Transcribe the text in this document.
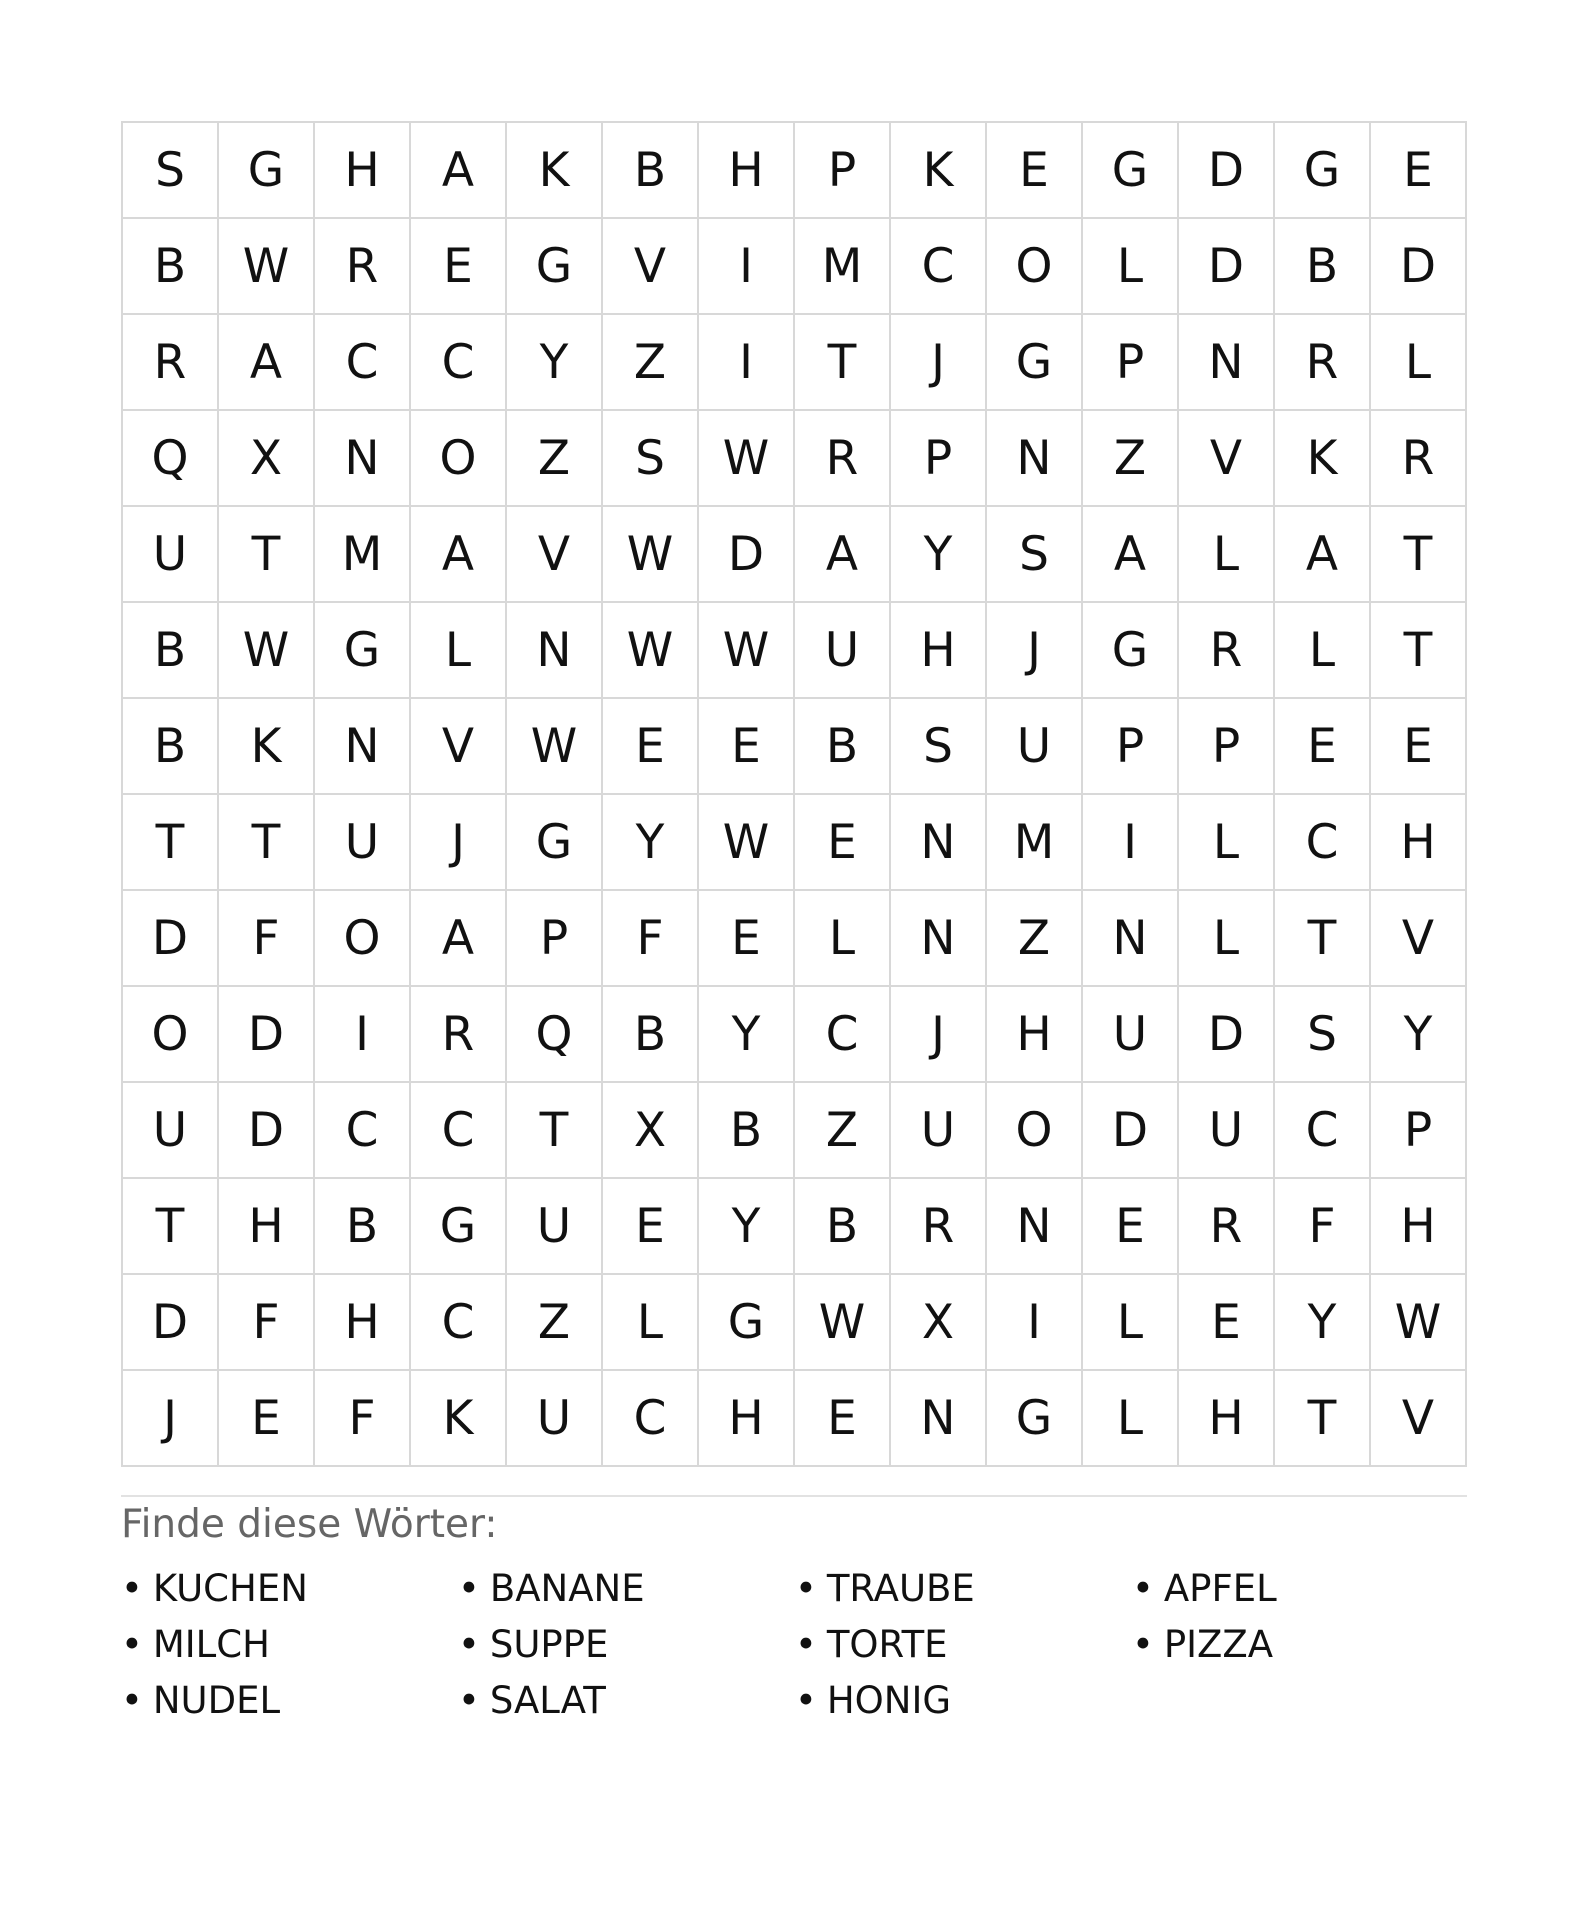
S	G	H	A	K	B	H	P	K	E	G	D	G	E
B	W	R	E	G	V	I	M	C	O	L	D	B	D
R	A	C	C	Y	Z	I	T	J	G	P	N	R	L
Q	X	N	O	Z	S	W	R	P	N	Z	V	K	R
U	T	M	A	V	W	D	A	Y	S	A	L	A	T
B	W	G	L	N	W	W	U	H	J	G	R	L	T
B	K	N	V	W	E	E	B	S	U	P	P	E	E
T	T	U	J	G	Y	W	E	N	M	I	L	C	H
D	F	O	A	P	F	E	L	N	Z	N	L	T	V
O	D	I	R	Q	B	Y	C	J	H	U	D	S	Y
U	D	C	C	T	X	B	Z	U	O	D	U	C	P
T	H	B	G	U	E	Y	B	R	N	E	R	F	H
D	F	H	C	Z	L	G	W	X	I	L	E	Y	W
J	E	F	K	U	C	H	E	N	G	L	H	T	V
Finde diese Wörter:
• KUCHEN
• MILCH
• NUDEL
• BANANE
• SUPPE
• SALAT
• TRAUBE
• TORTE
• HONIG
• APFEL
• PIZZA
